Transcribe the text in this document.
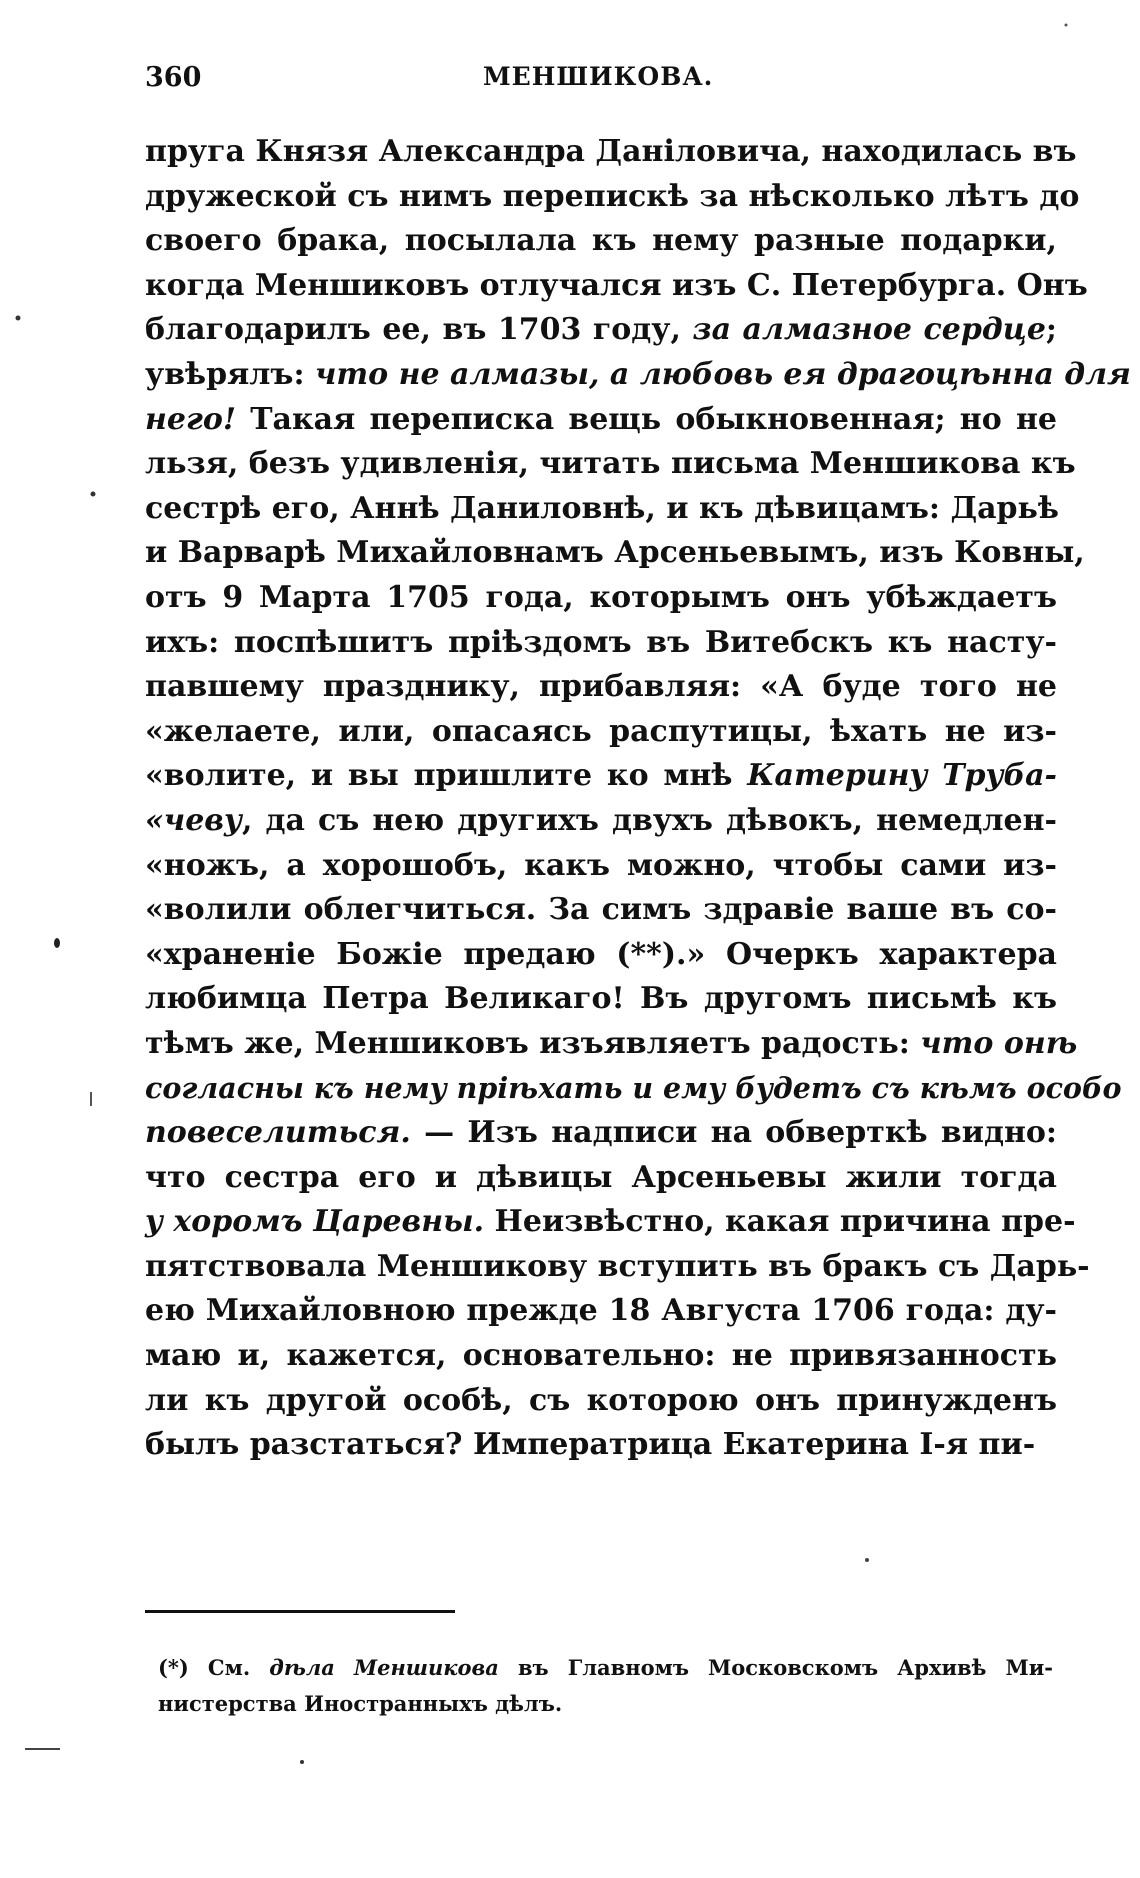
360	МЕНШИКОВА.
пруга Князя Александра Даніловича, находилась въ
дружеской съ нимъ перепискѣ за нѣсколько лѣтъ до
своего брака, посылала къ нему разные подарки,
когда Меншиковъ отлучался изъ С. Петербурга. Онъ
благодарилъ ее, въ 1703 году, за алмазное сердце;
увѣрялъ: что не алмазы, а любовь ея драгоцѣнна для
него! Такая переписка вещь обыкновенная; но не
льзя, безъ удивленія, читать письма Меншикова къ
сестрѣ его, Аннѣ Даниловнѣ, и къ дѣвицамъ: Дарьѣ
и Варварѣ Михайловнамъ Арсеньевымъ, изъ Ковны,
отъ 9 Марта 1705 года, которымъ онъ убѣждаетъ
ихъ: поспѣшитъ пріѣздомъ въ Витебскъ къ насту-
павшему празднику, прибавляя: «А буде того не
«желаете, или, опасаясь распутицы, ѣхать не из-
«волите, и вы пришлите ко мнѣ Катерину Труба-
«чеву, да съ нею другихъ двухъ дѣвокъ, немедлен-
«ножъ, а хорошобъ, какъ можно, чтобы сами из-
«волили облегчиться. За симъ здравіе ваше въ со-
«храненіе Божіе предаю (**).» Очеркъ характера
любимца Петра Великаго! Въ другомъ письмѣ къ
тѣмъ же, Меншиковъ изъявляетъ радость: что онѣ
согласны къ нему пріѣхать и ему будетъ съ кѣмъ особо
повеселиться. — Изъ надписи на обверткѣ видно:
что сестра его и дѣвицы Арсеньевы жили тогда
у хоромъ Царевны. Неизвѣстно, какая причина пре-
пятствовала Меншикову вступить въ бракъ съ Дарь-
ею Михайловною прежде 18 Августа 1706 года: ду-
маю и, кажется, основательно: не привязанность
ли къ другой особѣ, съ которою онъ принужденъ
былъ разстаться? Императрица Екатерина І-я пи-
(*) См. дѣла Меншикова въ Главномъ Московскомъ Архивѣ Ми-
нистерства Иностранныхъ дѣлъ.
